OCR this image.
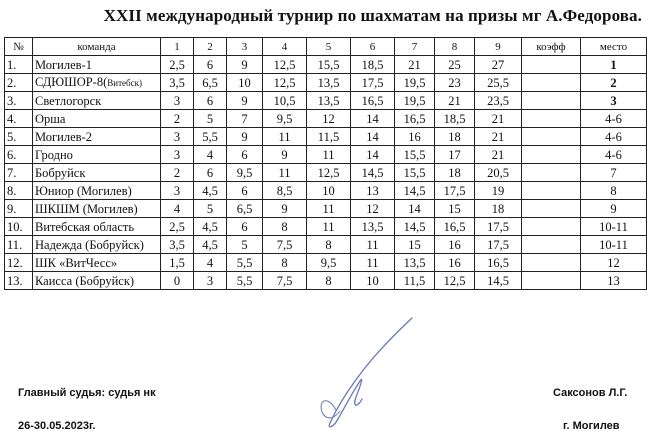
XXII международный турнир по шахматам на призы мг А.Федорова.
№	команда	1	2	3	4	5	6	7	8	9	коэфф	место
1.	Могилев-1	2,5	6	9	12,5	15,5	18,5	21	25	27		1
2.	СДЮШОР-8(Витебск)	3,5	6,5	10	12,5	13,5	17,5	19,5	23	25,5		2
3.	Светлогорск	3	6	9	10,5	13,5	16,5	19,5	21	23,5		3
4.	Орша	2	5	7	9,5	12	14	16,5	18,5	21		4-6
5.	Могилев-2	3	5,5	9	11	11,5	14	16	18	21		4-6
6.	Гродно	3	4	6	9	11	14	15,5	17	21		4-6
7.	Бобруйск	2	6	9,5	11	12,5	14,5	15,5	18	20,5		7
8.	Юниор (Могилев)	3	4,5	6	8,5	10	13	14,5	17,5	19		8
9.	ШКШМ (Могилев)	4	5	6,5	9	11	12	14	15	18		9
10.	Витебская область	2,5	4,5	6	8	11	13,5	14,5	16,5	17,5		10-11
11.	Надежда (Бобруйск)	3,5	4,5	5	7,5	8	11	15	16	17,5		10-11
12.	ШК «ВитЧесс»	1,5	4	5,5	8	9,5	11	13,5	16	16,5		12
13.	Каисса (Бобруйск)	0	3	5,5	7,5	8	10	11,5	12,5	14,5		13
Главный судья: судья нк
26-30.05.2023г.
Саксонов Л.Г.
г. Могилев
